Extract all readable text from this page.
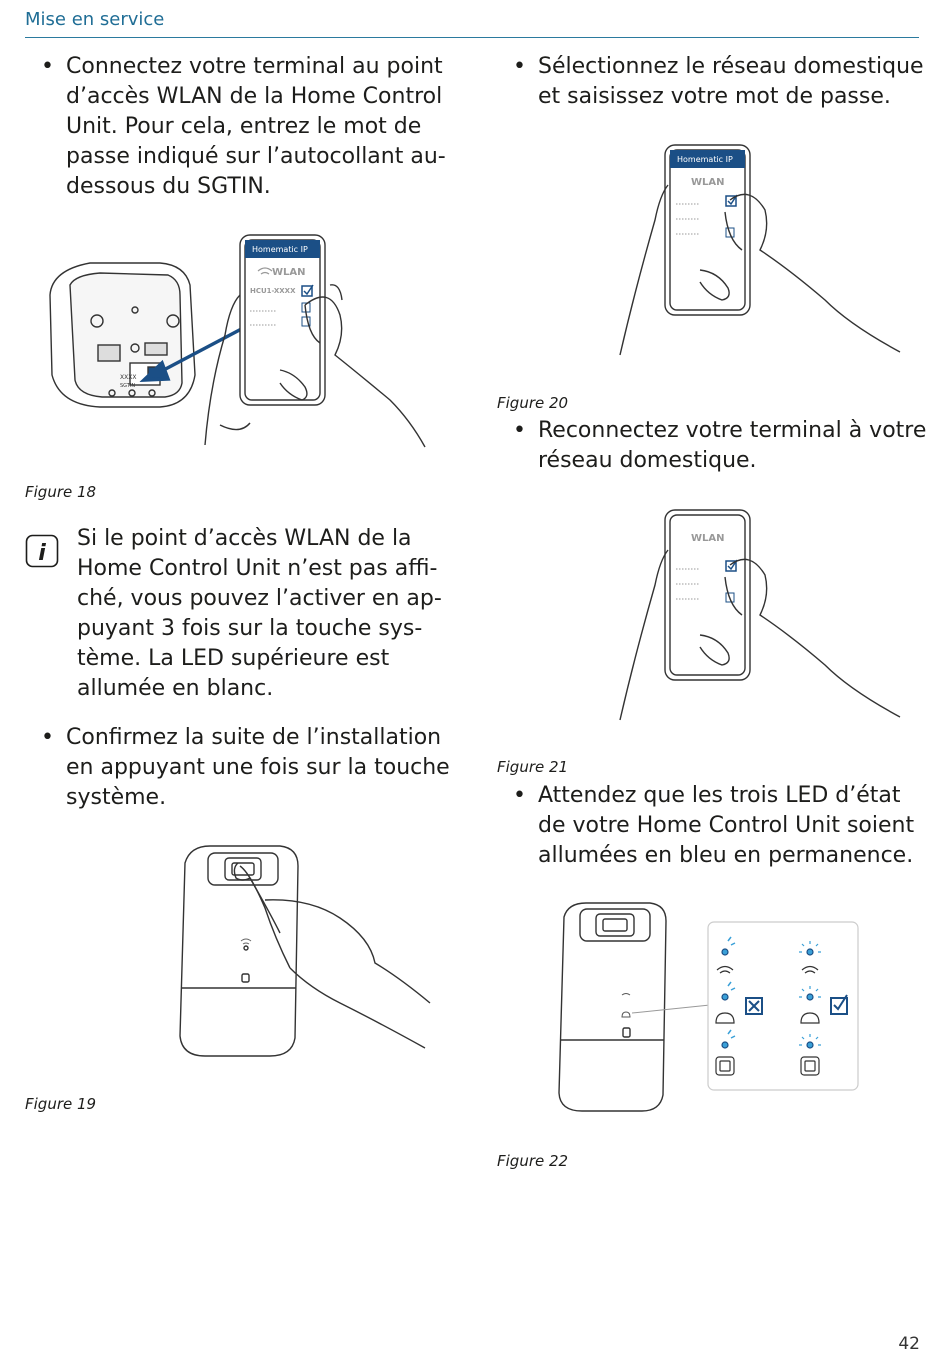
Mise en service
• Connectez votre terminal au point d’accès WLAN de la Home Control Unit. Pour cela, entrez le mot de passe indiqué sur l’autocollant au-dessous du SGTIN.
XXXX
SGTIN
Homematic IP
WLAN
HCU1-XXXX
Figure 18
i
Si le point d’accès WLAN de la Home Control Unit n’est pas affiché, vous pouvez l’activer en appuyant 3 fois sur la touche système. La LED supérieure est allumée en blanc.
• Confirmez la suite de l’installation en appuyant une fois sur la touche système.
Figure 19
• Sélectionnez le réseau domestique et saisissez votre mot de passe.
Homematic IP
WLAN
Figure 20
• Reconnectez votre terminal à votre réseau domestique.
WLAN
Figure 21
• Attendez que les trois LED d’état de votre Home Control Unit soient allumées en bleu en permanence.
Figure 22
42
